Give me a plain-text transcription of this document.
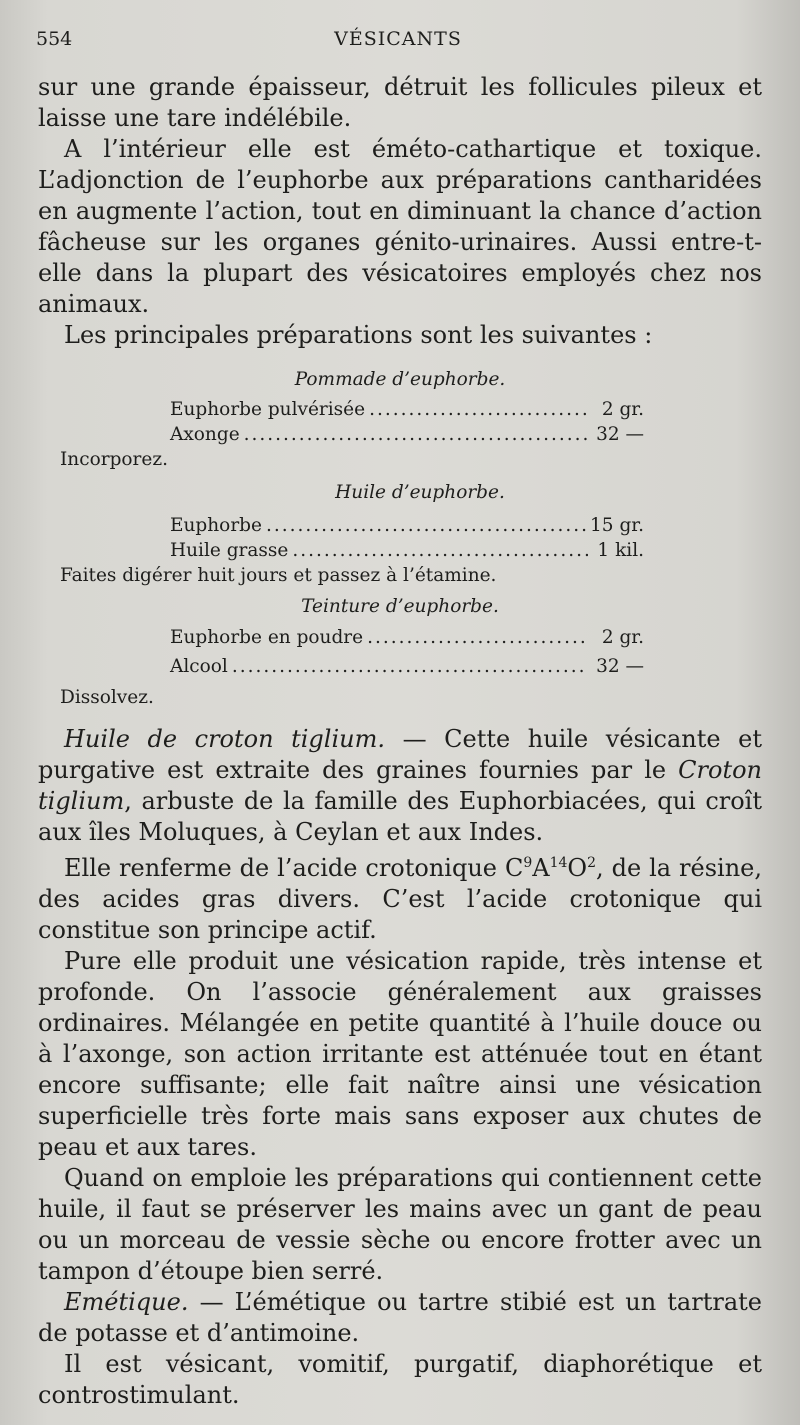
554	VÉSICANTS

sur une grande épaisseur, détruit les follicules pileux et laisse une tare indélébile.

A l’intérieur elle est éméto-cathartique et toxique. L’adjonction de l’euphorbe aux préparations cantharidées en augmente l’action, tout en diminuant la chance d’action fâcheuse sur les organes génito-urinaires. Aussi entre-t-elle dans la plupart des vésicatoires employés chez nos animaux.

Les principales préparations sont les suivantes :

Pommade d’euphorbe.

Euphorbe pulvérisée .....	2 gr.
Axonge .....	32 —
Incorporez.

Huile d’euphorbe.

Euphorbe .....	15 gr.
Huile grasse .....	1 kil.
Faites digérer huit jours et passez à l’étamine.

Teinture d’euphorbe.

Euphorbe en poudre .....	2 gr.
Alcool .....	32 —
Dissolvez.

Huile de croton tiglium. — Cette huile vésicante et purgative est extraite des graines fournies par le Croton tiglium, arbuste de la famille des Euphorbiacées, qui croît aux îles Moluques, à Ceylan et aux Indes.

Elle renferme de l’acide crotonique $C^9A^{14}O^2$, de la résine, des acides gras divers. C’est l’acide crotonique qui constitue son principe actif.

Pure elle produit une vésication rapide, très intense et profonde. On l’associe généralement aux graisses ordinaires. Mélangée en petite quantité à l’huile douce ou à l’axonge, son action irritante est atténuée tout en étant encore suffisante; elle fait naître ainsi une vésication superficielle très forte mais sans exposer aux chutes de peau et aux tares.

Quand on emploie les préparations qui contiennent cette huile, il faut se préserver les mains avec un gant de peau ou un morceau de vessie sèche ou encore frotter avec un tampon d’étoupe bien serré.

Emétique. — L’émétique ou tartre stibié est un tartrate de potasse et d’antimoine.

Il est vésicant, vomitif, purgatif, diaphorétique et controstimulant.
